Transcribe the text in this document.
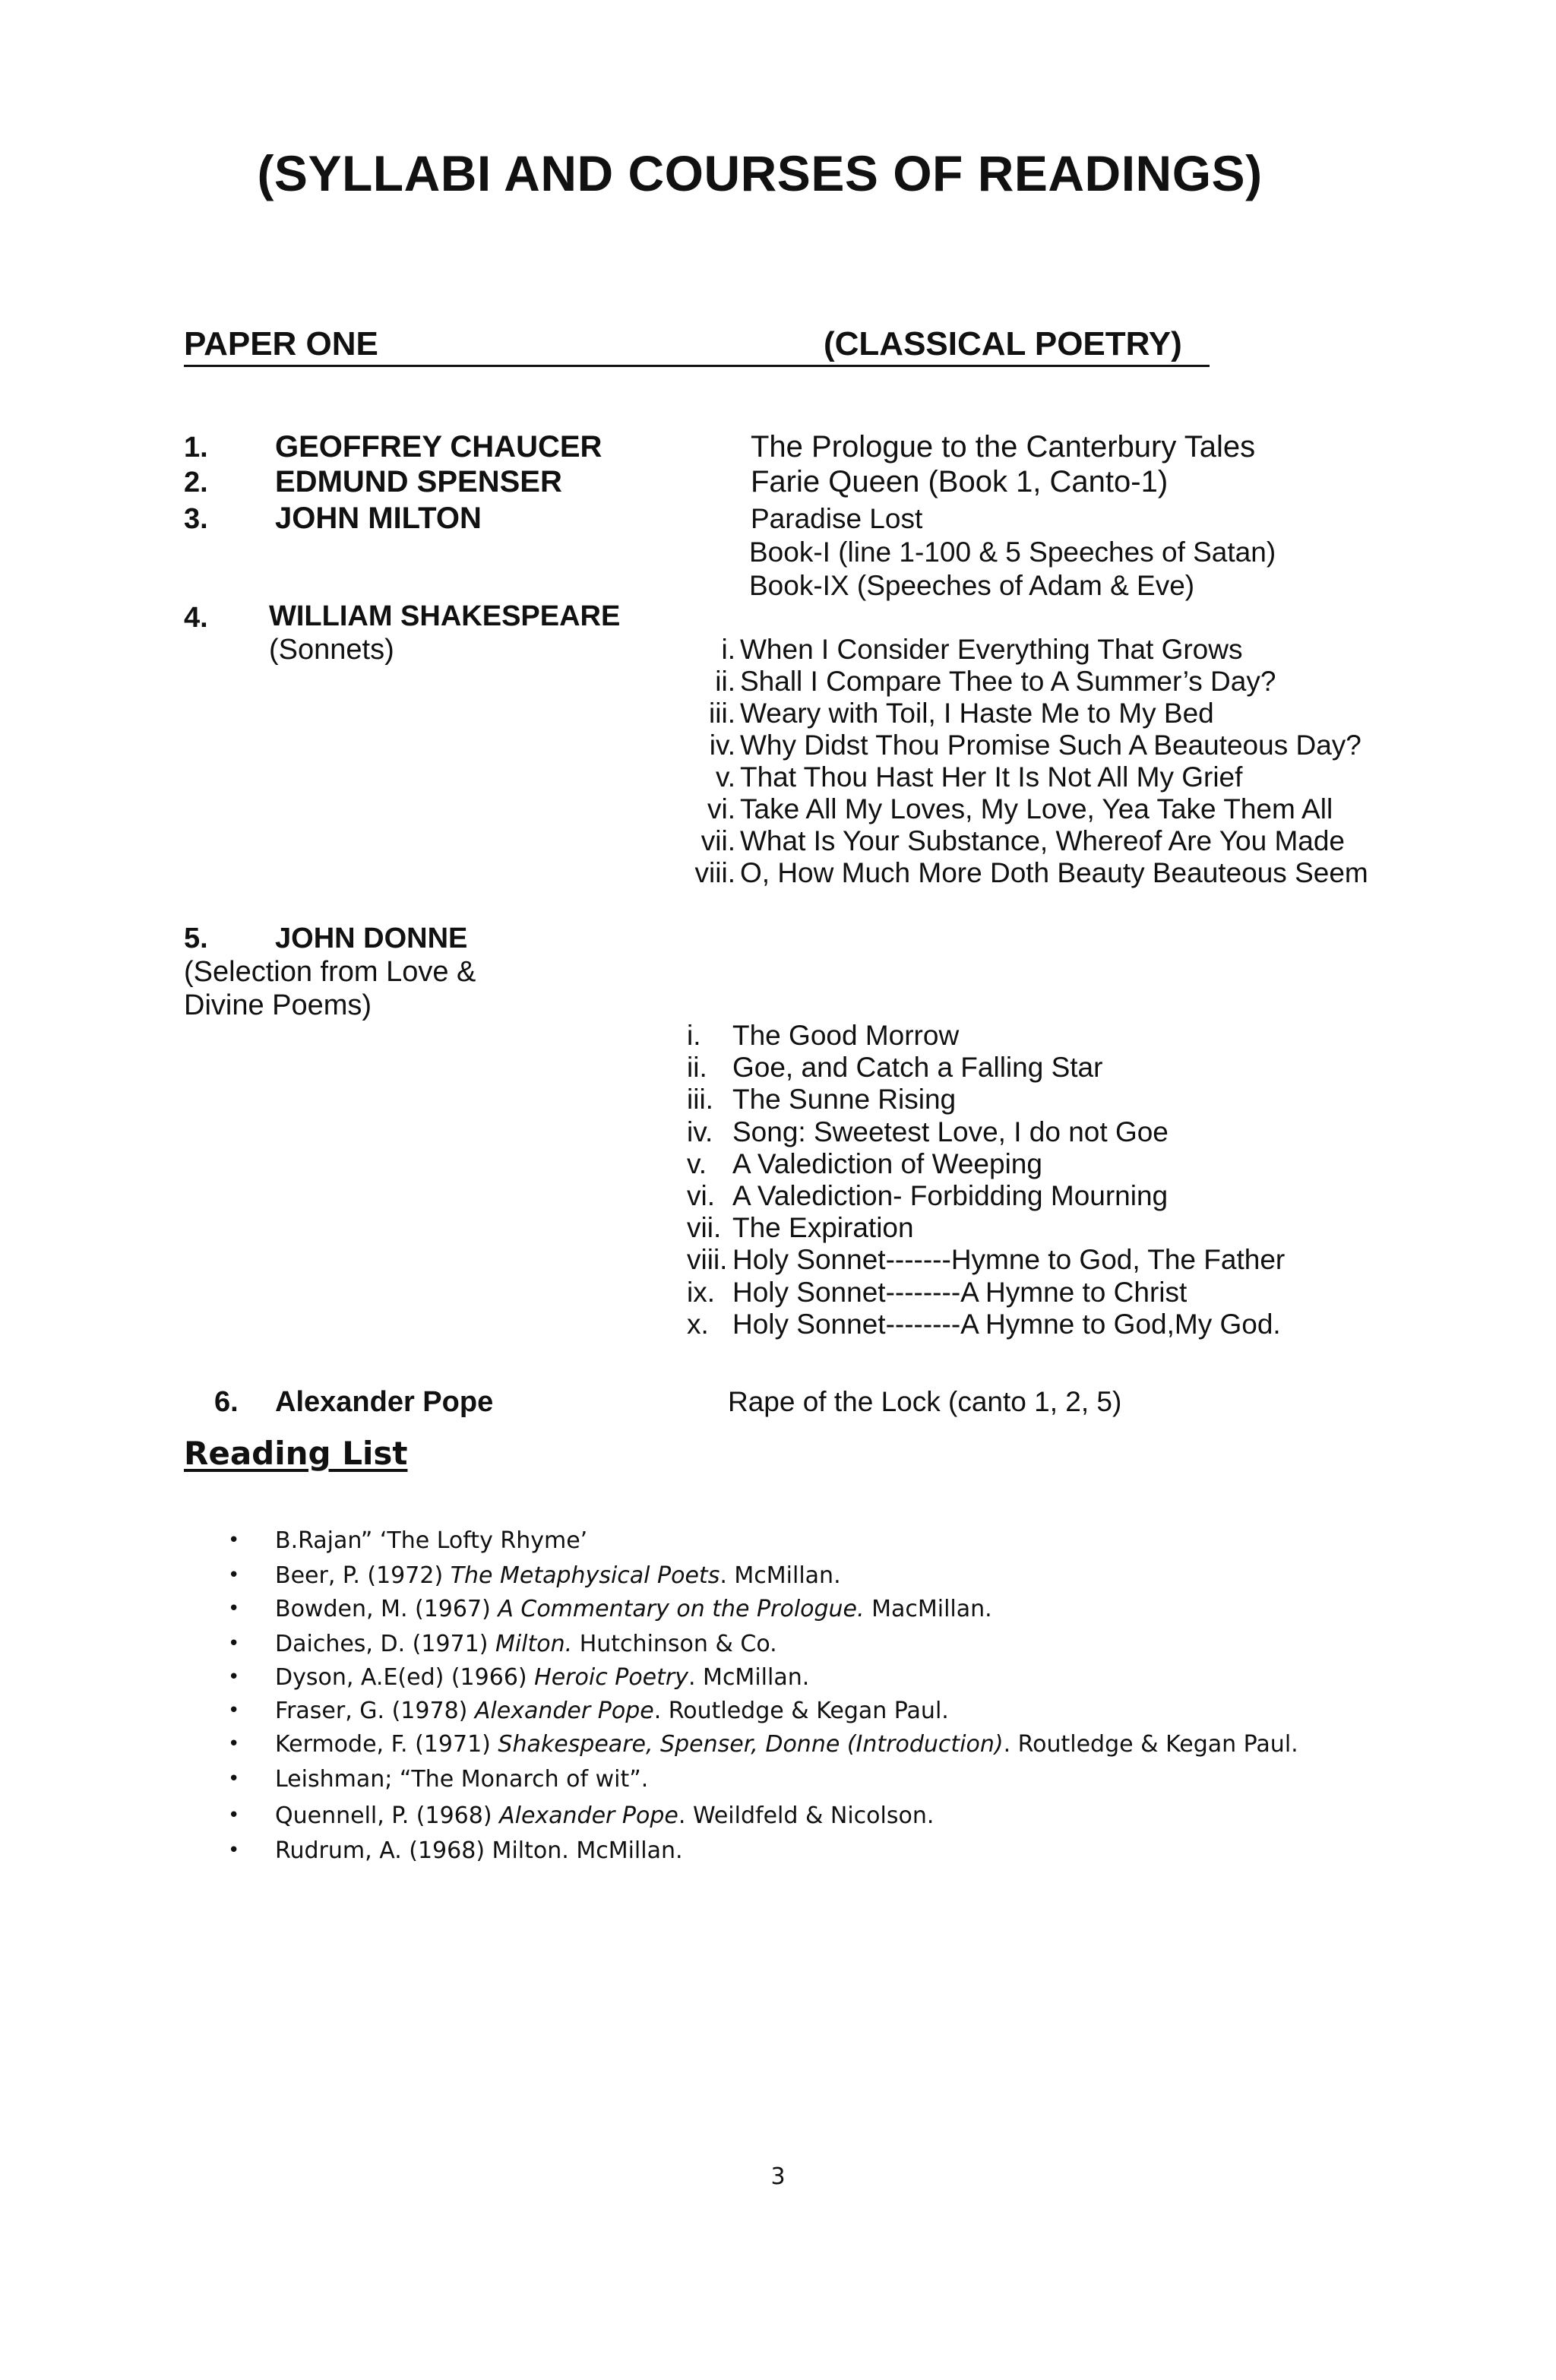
(SYLLABI AND COURSES OF READINGS)
PAPER ONE	(CLASSICAL POETRY)
1. GEOFFREY CHAUCER	The Prologue to the Canterbury Tales
2. EDMUND SPENSER	Farie Queen (Book 1, Canto-1)
3. JOHN MILTON	Paradise Lost
Book-I (line 1-100 & 5 Speeches of Satan)
Book-IX (Speeches of Adam & Eve)
4. WILLIAM SHAKESPEARE
(Sonnets)	i. When I Consider Everything That Grows
ii. Shall I Compare Thee to A Summer’s Day?
iii. Weary with Toil, I Haste Me to My Bed
iv. Why Didst Thou Promise Such A Beauteous Day?
v. That Thou Hast Her It Is Not All My Grief
vi. Take All My Loves, My Love, Yea Take Them All
vii. What Is Your Substance, Whereof Are You Made
viii. O, How Much More Doth Beauty Beauteous Seem
5. JOHN DONNE
(Selection from Love &
Divine Poems)
i. The Good Morrow
ii. Goe, and Catch a Falling Star
iii. The Sunne Rising
iv. Song: Sweetest Love, I do not Goe
v. A Valediction of Weeping
vi. A Valediction- Forbidding Mourning
vii. The Expiration
viii. Holy Sonnet-------Hymne to God, The Father
ix. Holy Sonnet--------A Hymne to Christ
x. Holy Sonnet--------A Hymne to God,My God.
6. Alexander Pope	Rape of the Lock (canto 1, 2, 5)
Reading List
• B.Rajan” ‘The Lofty Rhyme’
• Beer, P. (1972) The Metaphysical Poets. McMillan.
• Bowden, M. (1967) A Commentary on the Prologue. MacMillan.
• Daiches, D. (1971) Milton. Hutchinson & Co.
• Dyson, A.E(ed) (1966) Heroic Poetry. McMillan.
• Fraser, G. (1978) Alexander Pope. Routledge & Kegan Paul.
• Kermode, F. (1971) Shakespeare, Spenser, Donne (Introduction). Routledge & Kegan Paul.
• Leishman; “The Monarch of wit”.
• Quennell, P. (1968) Alexander Pope. Weildfeld & Nicolson.
• Rudrum, A. (1968) Milton. McMillan.
3
